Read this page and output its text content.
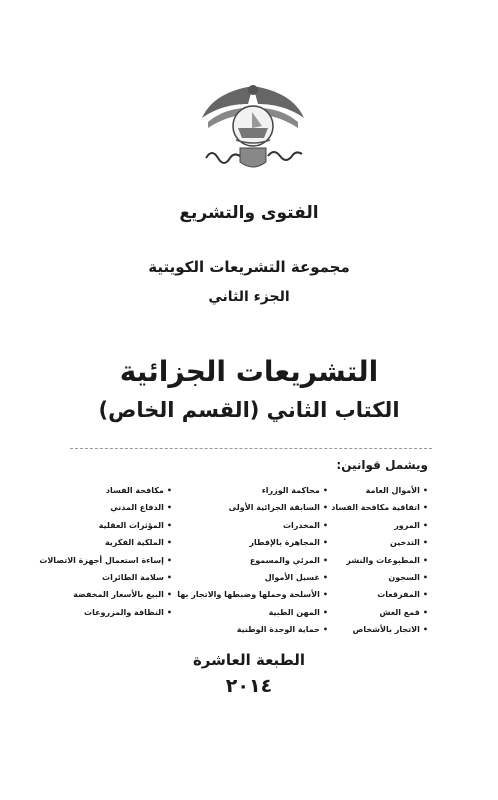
الفتوى والتشريع
مجموعة التشريعات الكويتية
الجزء الثاني
التشريعات الجزائية
الكتاب الثاني (القسم الخاص)
ويشمل قوانين:
• الأموال العامة
• اتفاقية مكافحة الفساد
• المرور
• التدخين
• المطبوعات والنشر
• السجون
• المفرقعات
• قمع الغش
• الاتجار بالأشخاص
• محاكمة الوزراء
• السابقة الجزائية الأولى
• المخدرات
• المجاهرة بالإفطار
• المرئي والمسموع
• غسيل الأموال
• الأسلحة وحملها وضبطها والاتجار بها
• المهن الطبية
• حماية الوحدة الوطنية
• مكافحة الفساد
• الدفاع المدني
• المؤثرات العقلية
• الملكية الفكرية
• إساءة استعمال أجهزة الاتصالات
• سلامة الطائرات
• البيع بالأسعار المخفضة
• النظافة والمزروعات
الطبعة العاشرة
٢٠١٤
